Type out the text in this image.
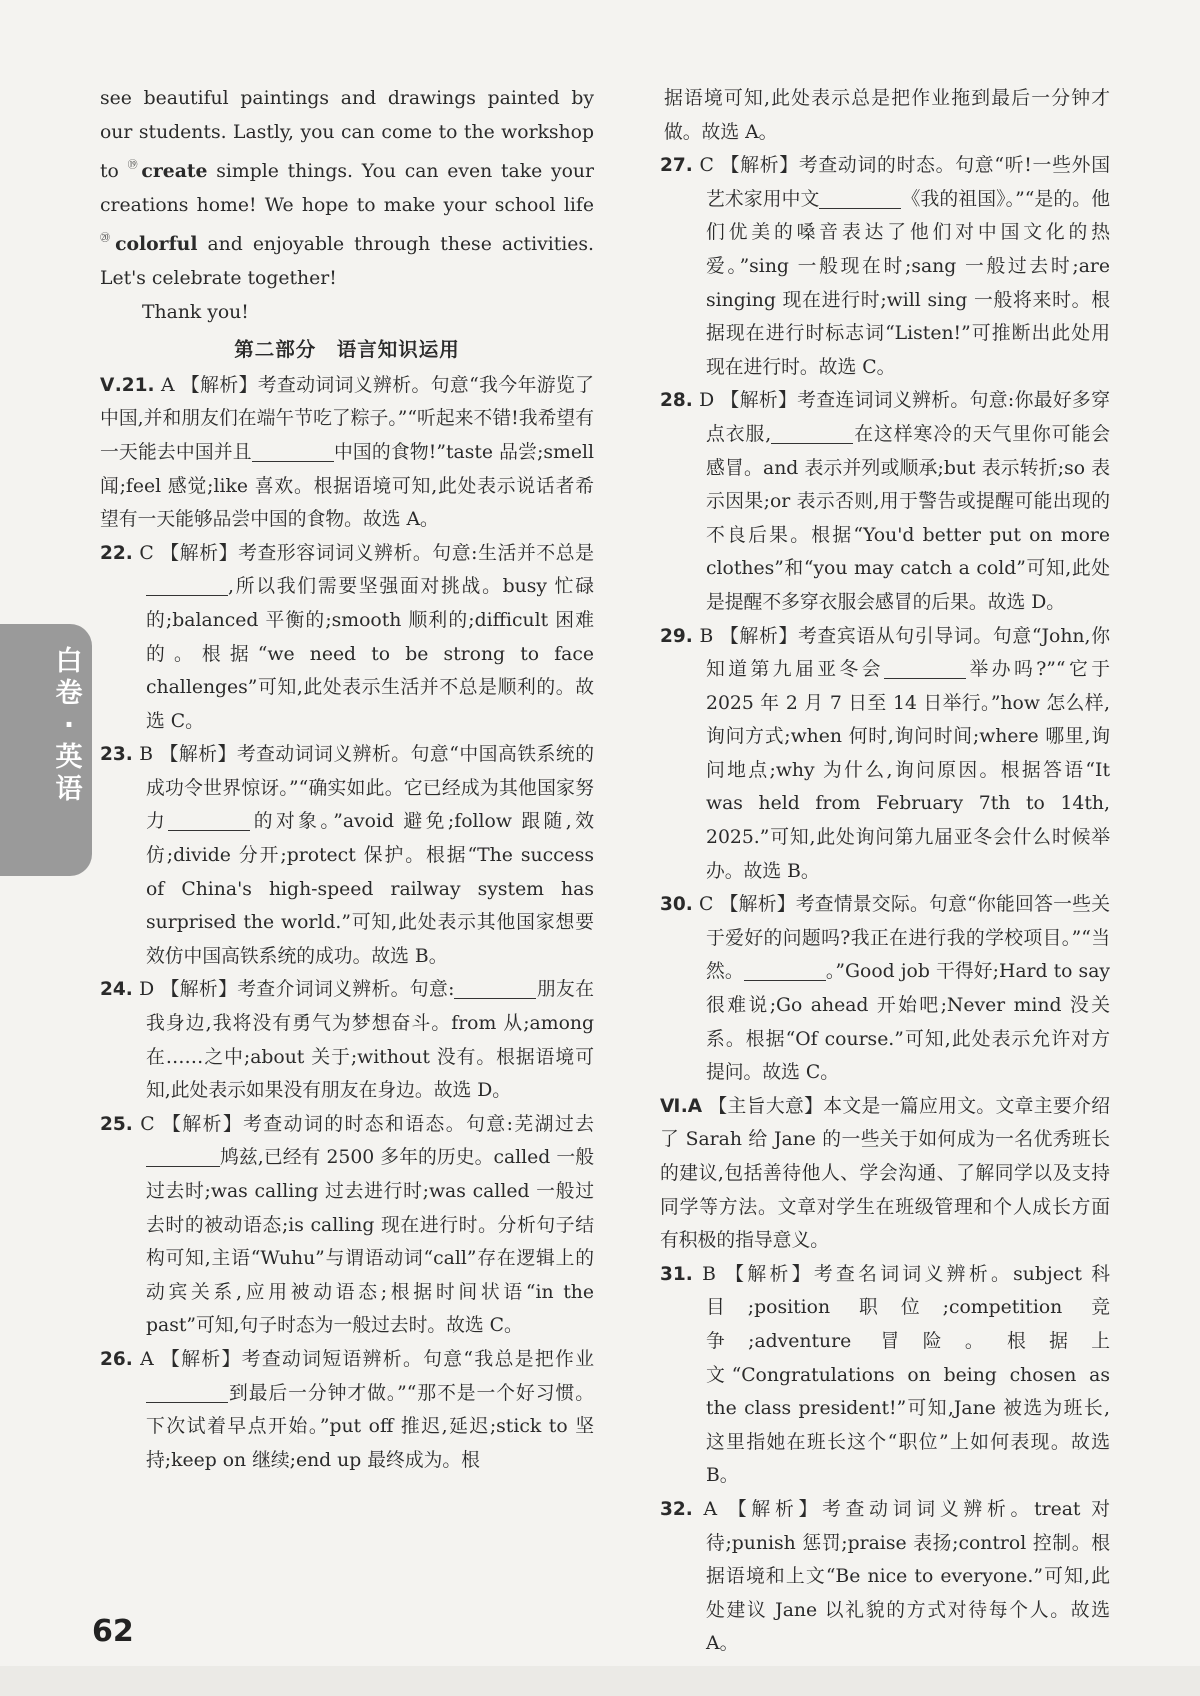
白
卷
·
英
语

see beautiful paintings and drawings painted by our students. Lastly, you can come to the workshop to ⑲create simple things. You can even take your creations home! We hope to make your school life ⑳colorful and enjoyable through these activities. Let's celebrate together!

Thank you!

第二部分　语言知识运用

Ⅴ.21. A 【解析】考查动词词义辨析。句意“我今年游览了中国,并和朋友们在端午节吃了粽子。”“听起来不错!我希望有一天能去中国并且	中国的食物!”taste 品尝;smell 闻;feel 感觉;like 喜欢。根据语境可知,此处表示说话者希望有一天能够品尝中国的食物。故选 A。

22. C 【解析】考查形容词词义辨析。句意:生活并不总是,所以我们需要坚强面对挑战。busy 忙碌的;balanced 平衡的;smooth 顺利的;difficult 困难的。根据“we need to be strong to face challenges”可知,此处表示生活并不总是顺利的。故选 C。

23. B 【解析】考查动词词义辨析。句意“中国高铁系统的成功令世界惊讶。”“确实如此。它已经成为其他国家努力	的对象。”avoid 避免;follow 跟随,效仿;divide 分开;protect 保护。根据“The success of China's high-speed railway system has surprised the world.”可知,此处表示其他国家想要效仿中国高铁系统的成功。故选 B。

24. D 【解析】考查介词词义辨析。句意:	朋友在我身边,我将没有勇气为梦想奋斗。from 从;among 在……之中;about 关于;without 没有。根据语境可知,此处表示如果没有朋友在身边。故选 D。

25. C 【解析】考查动词的时态和语态。句意:芜湖过去鸠兹,已经有 2500 多年的历史。called 一般过去时;was calling 过去进行时;was called 一般过去时的被动语态;is calling 现在进行时。分析句子结构可知,主语“Wuhu”与谓语动词“call”存在逻辑上的动宾关系,应用被动语态;根据时间状语“in the past”可知,句子时态为一般过去时。故选 C。

26. A 【解析】考查动词短语辨析。句意“我总是把作业到最后一分钟才做。”“那不是一个好习惯。下次试着早点开始。”put off 推迟,延迟;stick to 坚持;keep on 继续;end up 最终成为。根

据语境可知,此处表示总是把作业拖到最后一分钟才做。故选 A。

27. C 【解析】考查动词的时态。句意“听!一些外国艺术家用中文	《我的祖国》。”“是的。他们优美的嗓音表达了他们对中国文化的热爱。”sing 一般现在时;sang 一般过去时;are singing 现在进行时;will sing 一般将来时。根据现在进行时标志词“Listen!”可推断出此处用现在进行时。故选 C。

28. D 【解析】考查连词词义辨析。句意:你最好多穿点衣服,	在这样寒冷的天气里你可能会感冒。and 表示并列或顺承;but 表示转折;so 表示因果;or 表示否则,用于警告或提醒可能出现的不良后果。根据“You'd better put on more clothes”和“you may catch a cold”可知,此处是提醒不多穿衣服会感冒的后果。故选 D。

29. B 【解析】考查宾语从句引导词。句意“John,你知道第九届亚冬会	举办吗?”“它于 2025 年 2 月 7 日至 14 日举行。”how 怎么样,询问方式;when 何时,询问时间;where 哪里,询问地点;why 为什么,询问原因。根据答语“It was held from February 7th to 14th, 2025.”可知,此处询问第九届亚冬会什么时候举办。故选 B。

30. C 【解析】考查情景交际。句意“你能回答一些关于爱好的问题吗?我正在进行我的学校项目。”“当然。	。”Good job 干得好;Hard to say 很难说;Go ahead 开始吧;Never mind 没关系。根据“Of course.”可知,此处表示允许对方提问。故选 C。

Ⅵ.A 【主旨大意】本文是一篇应用文。文章主要介绍了 Sarah 给 Jane 的一些关于如何成为一名优秀班长的建议,包括善待他人、学会沟通、了解同学以及支持同学等方法。文章对学生在班级管理和个人成长方面有积极的指导意义。

31. B 【解析】考查名词词义辨析。subject 科目;position 职位;competition 竞争;adventure 冒险。根据上文“Congratulations on being chosen as the class president!”可知,Jane 被选为班长,这里指她在班长这个“职位”上如何表现。故选 B。

32. A 【解析】考查动词词义辨析。treat 对待;punish 惩罚;praise 表扬;control 控制。根据语境和上文“Be nice to everyone.”可知,此处建议 Jane 以礼貌的方式对待每个人。故选 A。

62
